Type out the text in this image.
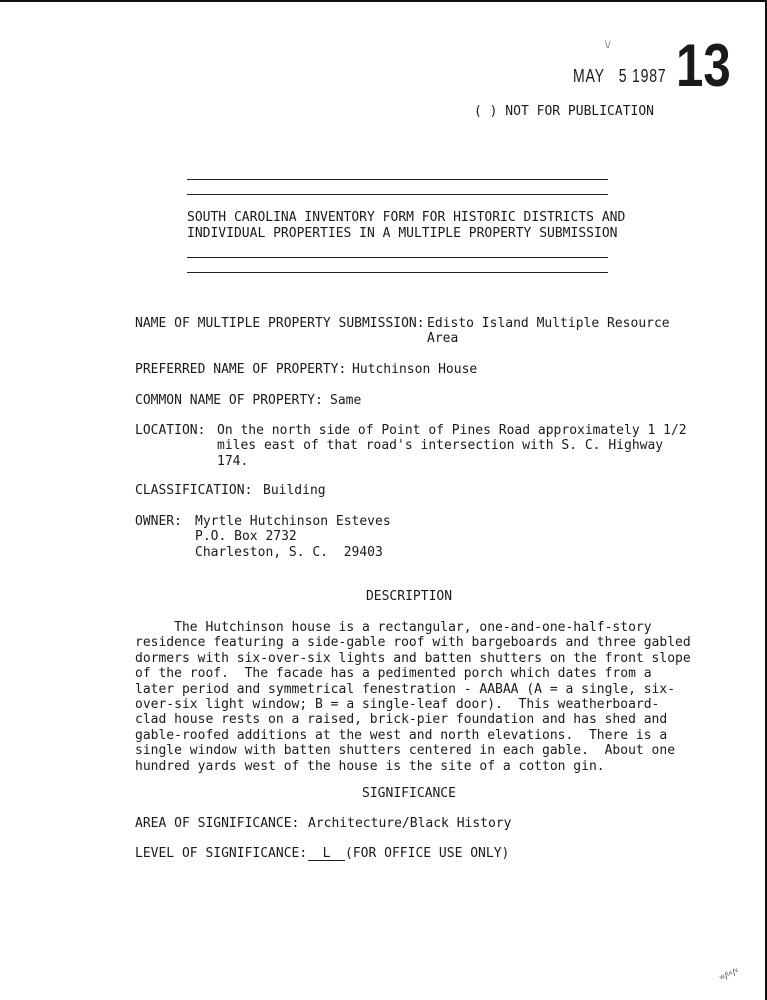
\/
MAY 5 1987 13
( ) NOT FOR PUBLICATION
SOUTH CAROLINA INVENTORY FORM FOR HISTORIC DISTRICTS AND
INDIVIDUAL PROPERTIES IN A MULTIPLE PROPERTY SUBMISSION
NAME OF MULTIPLE PROPERTY SUBMISSION: Edisto Island Multiple Resource
Area
PREFERRED NAME OF PROPERTY: Hutchinson House
COMMON NAME OF PROPERTY: Same
LOCATION: On the north side of Point of Pines Road approximately 1 1/2
miles east of that road's intersection with S. C. Highway
174.
CLASSIFICATION: Building
OWNER: Myrtle Hutchinson Esteves
P.O. Box 2732
Charleston, S. C.  29403
DESCRIPTION
The Hutchinson house is a rectangular, one-and-one-half-story
residence featuring a side-gable roof with bargeboards and three gabled
dormers with six-over-six lights and batten shutters on the front slope
of the roof.  The facade has a pedimented porch which dates from a
later period and symmetrical fenestration - AABAA (A = a single, six-
over-six light window; B = a single-leaf door).  This weatherboard-
clad house rests on a raised, brick-pier foundation and has shed and
gable-roofed additions at the west and north elevations.  There is a
single window with batten shutters centered in each gable.  About one
hundred yards west of the house is the site of a cotton gin.
SIGNIFICANCE
AREA OF SIGNIFICANCE: Architecture/Black History
LEVEL OF SIGNIFICANCE:	L (FOR OFFICE USE ONLY)
ʷ/ˡ⁴/ᵛ
